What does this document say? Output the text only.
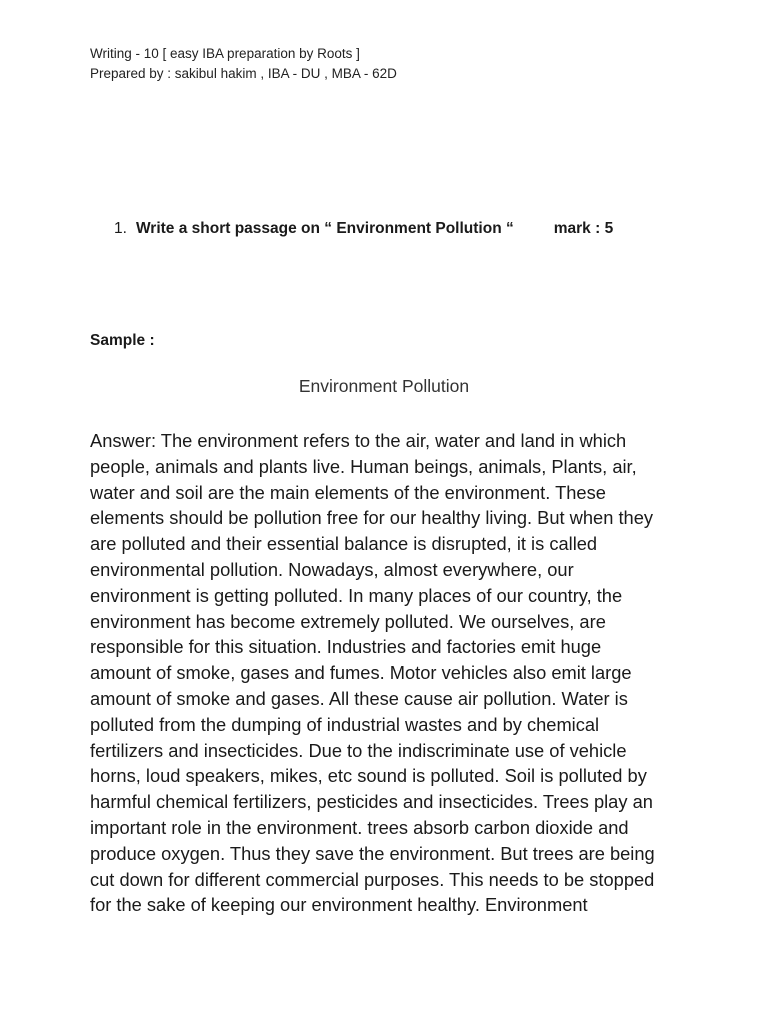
Writing - 10 [ easy IBA preparation by Roots ]
Prepared by : sakibul hakim , IBA - DU , MBA - 62D
1. Write a short passage on “ Environment Pollution “	mark : 5
Sample :
Environment Pollution
Answer: The environment refers to the air, water and land in which
people, animals and plants live. Human beings, animals, Plants, air,
water and soil are the main elements of the environment. These
elements should be pollution free for our healthy living. But when they
are polluted and their essential balance is disrupted, it is called
environmental pollution. Nowadays, almost everywhere, our
environment is getting polluted. In many places of our country, the
environment has become extremely polluted. We ourselves, are
responsible for this situation. Industries and factories emit huge
amount of smoke, gases and fumes. Motor vehicles also emit large
amount of smoke and gases. All these cause air pollution. Water is
polluted from the dumping of industrial wastes and by chemical
fertilizers and insecticides. Due to the indiscriminate use of vehicle
horns, loud speakers, mikes, etc sound is polluted. Soil is polluted by
harmful chemical fertilizers, pesticides and insecticides. Trees play an
important role in the environment. trees absorb carbon dioxide and
produce oxygen. Thus they save the environment. But trees are being
cut down for different commercial purposes. This needs to be stopped
for the sake of keeping our environment healthy. Environment
